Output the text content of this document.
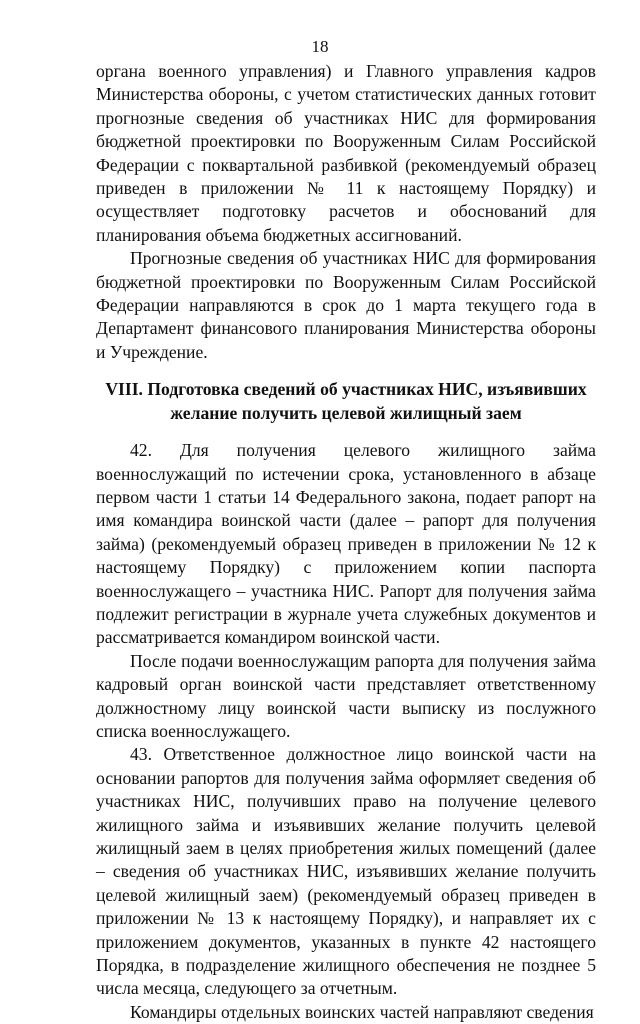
18

органа военного управления) и Главного управления кадров Министерства обороны, с учетом статистических данных готовит прогнозные сведения об участниках НИС для формирования бюджетной проектировки по Вооруженным Силам Российской Федерации с поквартальной разбивкой (рекомендуемый образец приведен в приложении № 11 к настоящему Порядку) и осуществляет подготовку расчетов и обоснований для планирования объема бюджетных ассигнований.

Прогнозные сведения об участниках НИС для формирования бюджетной проектировки по Вооруженным Силам Российской Федерации направляются в срок до 1 марта текущего года в Департамент финансового планирования Министерства обороны и Учреждение.

VIII. Подготовка сведений об участниках НИС, изъявивших
желание получить целевой жилищный заем

42. Для получения целевого жилищного займа военнослужащий по истечении срока, установленного в абзаце первом части 1 статьи 14 Федерального закона, подает рапорт на имя командира воинской части (далее – рапорт для получения займа) (рекомендуемый образец приведен в приложении № 12 к настоящему Порядку) с приложением копии паспорта военнослужащего – участника НИС. Рапорт для получения займа подлежит регистрации в журнале учета служебных документов и рассматривается командиром воинской части.

После подачи военнослужащим рапорта для получения займа кадровый орган воинской части представляет ответственному должностному лицу воинской части выписку из послужного списка военнослужащего.

43. Ответственное должностное лицо воинской части на основании рапортов для получения займа оформляет сведения об участниках НИС, получивших право на получение целевого жилищного займа и изъявивших желание получить целевой жилищный заем в целях приобретения жилых помещений (далее – сведения об участниках НИС, изъявивших желание получить целевой жилищный заем) (рекомендуемый образец приведен в приложении № 13 к настоящему Порядку), и направляет их с приложением документов, указанных в пункте 42 настоящего Порядка, в подразделение жилищного обеспечения не позднее 5 числа месяца, следующего за отчетным.

Командиры отдельных воинских частей направляют сведения
